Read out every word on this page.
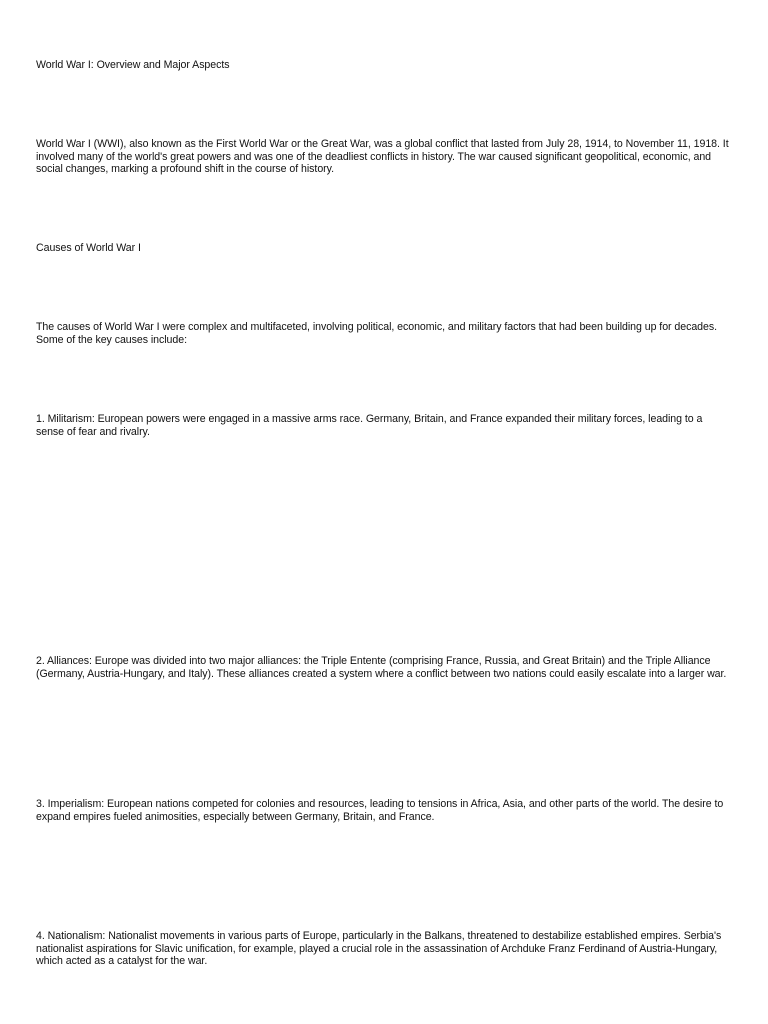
World War I: Overview and Major Aspects

World War I (WWI), also known as the First World War or the Great War, was a global conflict that lasted from July 28, 1914, to November 11, 1918. It involved many of the world's great powers and was one of the deadliest conflicts in history. The war caused significant geopolitical, economic, and social changes, marking a profound shift in the course of history.

Causes of World War I

The causes of World War I were complex and multifaceted, involving political, economic, and military factors that had been building up for decades. Some of the key causes include:

1. Militarism: European powers were engaged in a massive arms race. Germany, Britain, and France expanded their military forces, leading to a sense of fear and rivalry.

2. Alliances: Europe was divided into two major alliances: the Triple Entente (comprising France, Russia, and Great Britain) and the Triple Alliance (Germany, Austria-Hungary, and Italy). These alliances created a system where a conflict between two nations could easily escalate into a larger war.

3. Imperialism: European nations competed for colonies and resources, leading to tensions in Africa, Asia, and other parts of the world. The desire to expand empires fueled animosities, especially between Germany, Britain, and France.

4. Nationalism: Nationalist movements in various parts of Europe, particularly in the Balkans, threatened to destabilize established empires. Serbia's nationalist aspirations for Slavic unification, for example, played a crucial role in the assassination of Archduke Franz Ferdinand of Austria-Hungary, which acted as a catalyst for the war.
